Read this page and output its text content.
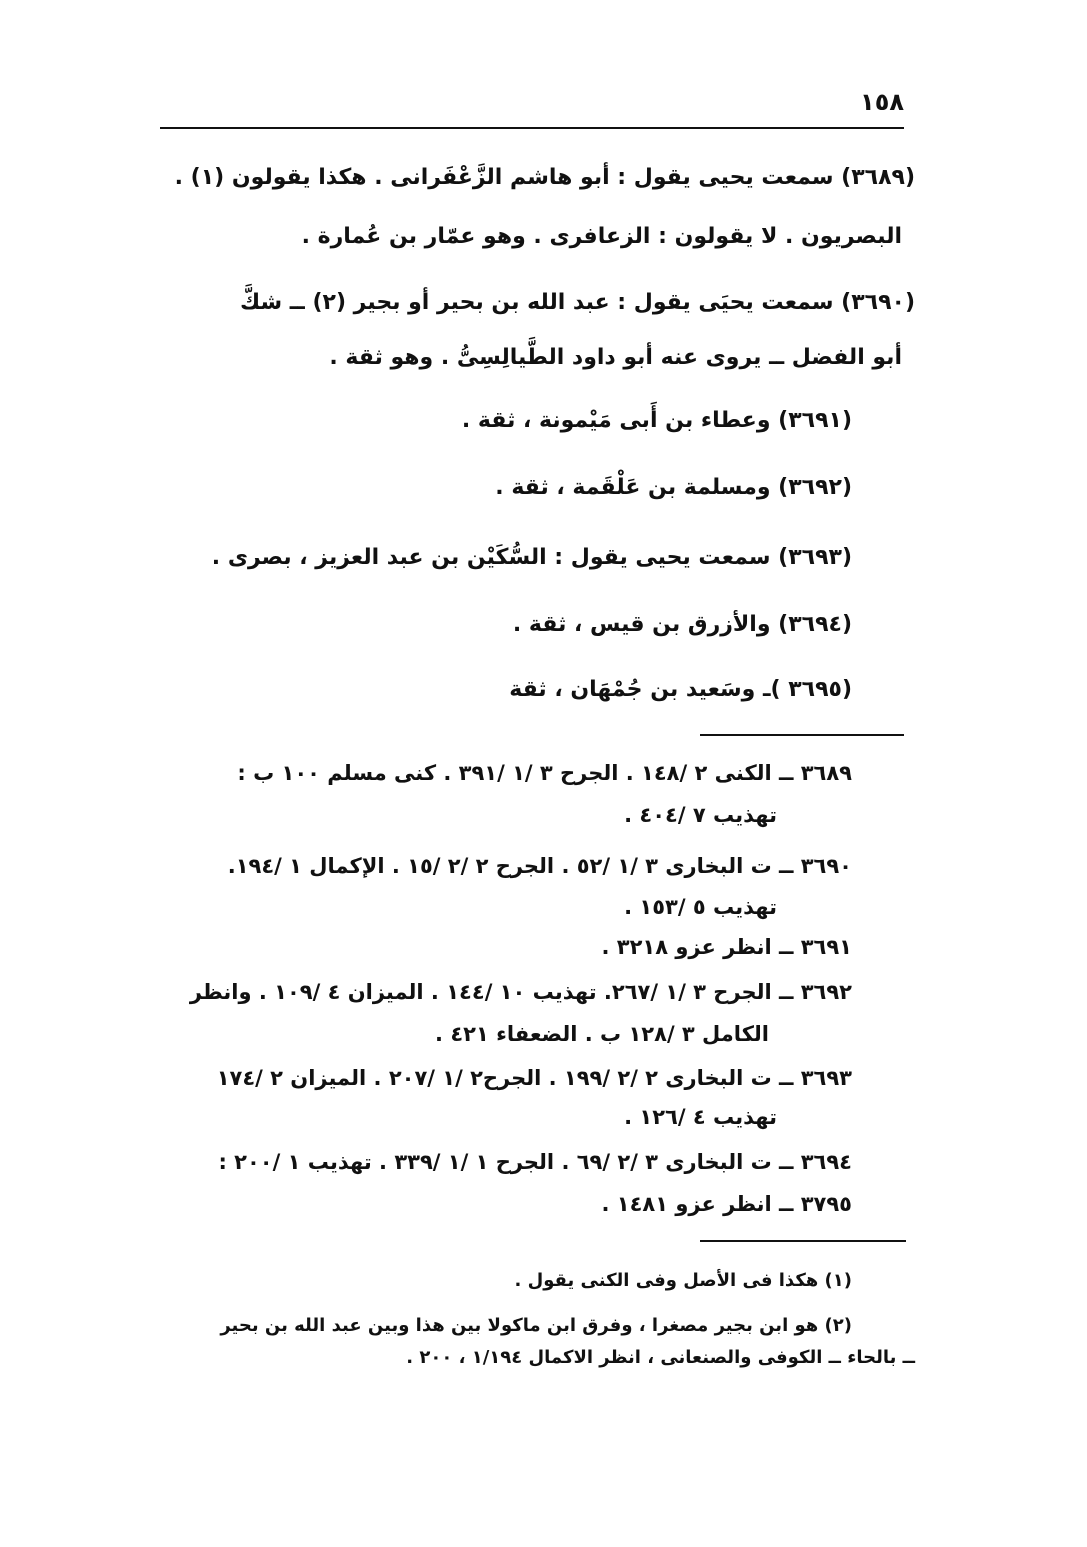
١٥٨
(٣٦٨٩) سمعت يحيى يقول : أبو هاشم الزَّعْفَرانى . هكذا يقولون (١) .
البصريون . لا يقولون : الزعافرى . وهو عمّار بن عُمارة .
(٣٦٩٠) سمعت يحيَى يقول : عبد الله بن بحير أو بجير (٢) ــ شكَّ
أبو الفضل ــ يروى عنه أبو داود الطَّيالِسِىُّ . وهو ثقة .
(٣٦٩١) وعطاء بن أَبى مَيْمونة ، ثقة .
(٣٦٩٢) ومسلمة بن عَلْقَمة ، ثقة .
(٣٦٩٣) سمعت يحيى يقول : السُّكَيْن بن عبد العزيز ، بصرى .
(٣٦٩٤) والأزرق بن قيس ، ثقة .
(٣٦٩٥ )ـ وسَعيد بن جُمْهَان ، ثقة
٣٦٨٩ ــ الكنى ٢ /١٤٨ . الجرح ٣ /١ /٣٩١ . كنى مسلم ١٠٠ ب :
تهذيب ٧ /٤٠٤ .
٣٦٩٠ ــ ت البخارى ٣ /١ /٥٢ . الجرح ٢ /٢ /١٥ . الإكمال ١ /١٩٤.
تهذيب ٥ /١٥٣ .
٣٦٩١ ــ انظر عزو ٣٢١٨ .
٣٦٩٢ ــ الجرح ٣ /١ /٢٦٧. تهذيب ١٠ /١٤٤ . الميزان ٤ /١٠٩ . وانظر
الكامل ٣ /١٢٨ ب . الضعفاء ٤٢١ .
٣٦٩٣ ــ ت البخارى ٢ /٢ /١٩٩ . الجرح٢ /١ /٢٠٧ . الميزان ٢ /١٧٤
تهذيب ٤ /١٢٦ .
٣٦٩٤ ــ ت البخارى ٣ /٢ /٦٩ . الجرح ١ /١ /٣٣٩ . تهذيب ١ /٢٠٠ :
٣٧٩٥ ــ انظر عزو ١٤٨١ .
(١) هكذا فى الأصل وفى الكنى يقول .
(٢) هو ابن بجير مصغرا ، وفرق ابن ماكولا بين هذا وبين عبد الله بن بحير
ــ بالحاء ــ الكوفى والصنعانى ، انظر الاكمال ١/١٩٤ ، ٢٠٠ .
